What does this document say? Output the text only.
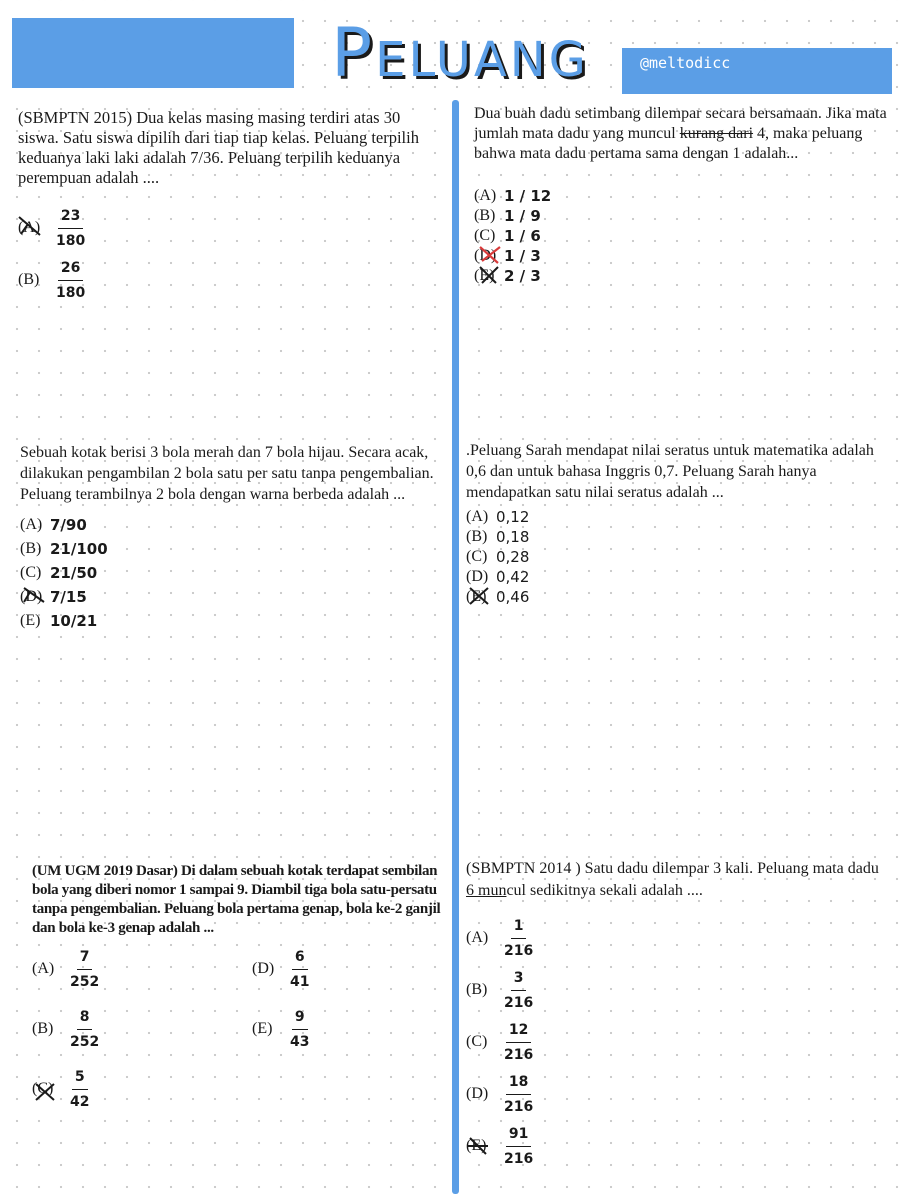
Peluang	@meltodicc

(SBMPTN 2015) Dua kelas masing masing terdiri atas 30 siswa. Satu siswa dipilih dari tiap tiap kelas. Peluang terpilih keduanya laki laki adalah 7/36. Peluang terpilih keduanya perempuan adalah ....

(A)	$\frac{23}{180}$
(B)	$\frac{26}{180}$

Dua buah dadu setimbang dilempar secara bersamaan. Jika mata jumlah mata dadu yang muncul kurang dari 4, maka peluang bahwa mata dadu pertama sama dengan 1 adalah...

(A) 1 / 12
(B) 1 / 9
(C) 1 / 6
(D) 1 / 3
(E) 2 / 3

Sebuah kotak berisi 3 bola merah dan 7 bola hijau. Secara acak, dilakukan pengambilan 2 bola satu per satu tanpa pengembalian. Peluang terambilnya 2 bola dengan warna berbeda adalah ...

(A) 7/90
(B) 21/100
(C) 21/50
(D) 7/15
(E) 10/21

.Peluang Sarah mendapat nilai seratus untuk matematika adalah 0,6 dan untuk bahasa Inggris 0,7. Peluang Sarah hanya mendapatkan satu nilai seratus adalah ...

(A) 0,12
(B) 0,18
(C) 0,28
(D) 0,42
(E) 0,46

(UM UGM 2019 Dasar) Di dalam sebuah kotak terdapat sembilan bola yang diberi nomor 1 sampai 9. Diambil tiga bola satu-persatu tanpa pengembalian. Peluang bola pertama genap, bola ke-2 ganjil dan bola ke-3 genap adalah ...

(A)	$\frac{7}{252}$	(D)	$\frac{6}{41}$
(B)	$\frac{8}{252}$	(E)	$\frac{9}{43}$
(C)	$\frac{5}{42}$

(SBMPTN 2014 ) Satu dadu dilempar 3 kali. Peluang mata dadu 6 muncul sedikitnya sekali adalah ....

(A)	$\frac{1}{216}$
(B)	$\frac{3}{216}$
(C)	$\frac{12}{216}$
(D)	$\frac{18}{216}$
(E)	$\frac{91}{216}$
